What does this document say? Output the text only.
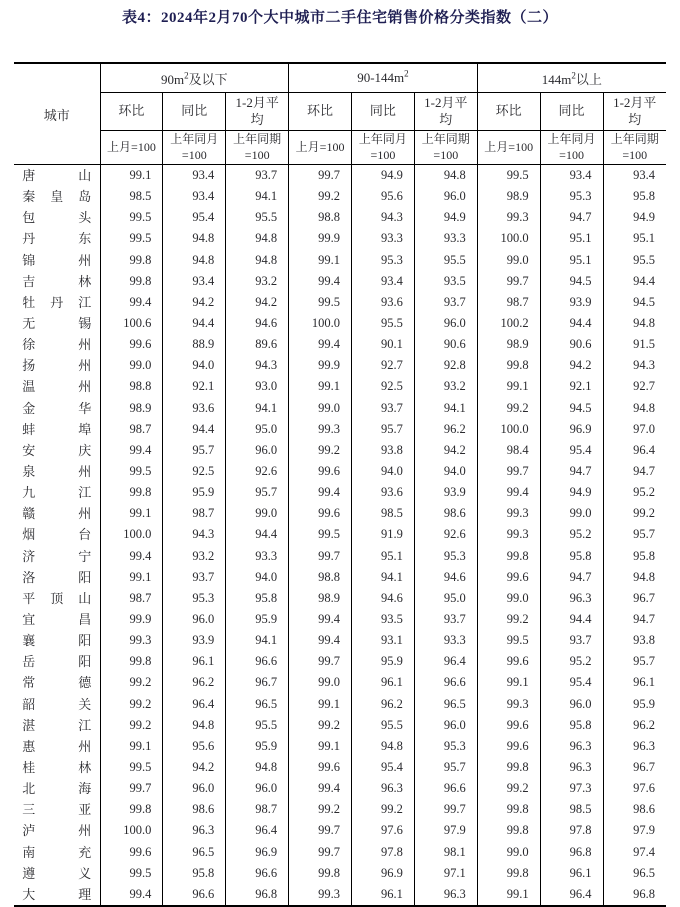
表4：2024年2月70个大中城市二手住宅销售价格分类指数（二）
城市	$90m^2$及以下			$90-144m^2$			$144m^2$以上		
	环比	同比	1-2月平均	环比	同比	1-2月平均	环比	同比	1-2月平均
	上月=100	上年同月=100	上年同期=100	上月=100	上年同月=100	上年同期=100	上月=100	上年同月=100	上年同期=100

唐 山	99.1	93.4	93.7	99.7	94.9	94.8	99.5	93.4	93.4

秦 皇 岛	98.5	93.4	94.1	99.2	95.6	96.0	98.9	95.3	95.8

包 头	99.5	95.4	95.5	98.8	94.3	94.9	99.3	94.7	94.9

丹 东	99.5	94.8	94.8	99.9	93.3	93.3	100.0	95.1	95.1

锦 州	99.8	94.8	94.8	99.1	95.3	95.5	99.0	95.1	95.5

吉 林	99.8	93.4	93.2	99.4	93.4	93.5	99.7	94.5	94.4

牡 丹 江	99.4	94.2	94.2	99.5	93.6	93.7	98.7	93.9	94.5

无 锡	100.6	94.4	94.6	100.0	95.5	96.0	100.2	94.4	94.8

徐 州	99.6	88.9	89.6	99.4	90.1	90.6	98.9	90.6	91.5

扬 州	99.0	94.0	94.3	99.9	92.7	92.8	99.8	94.2	94.3

温 州	98.8	92.1	93.0	99.1	92.5	93.2	99.1	92.1	92.7

金 华	98.9	93.6	94.1	99.0	93.7	94.1	99.2	94.5	94.8

蚌 埠	98.7	94.4	95.0	99.3	95.7	96.2	100.0	96.9	97.0

安 庆	99.4	95.7	96.0	99.2	93.8	94.2	98.4	95.4	96.4

泉 州	99.5	92.5	92.6	99.6	94.0	94.0	99.7	94.7	94.7

九 江	99.8	95.9	95.7	99.4	93.6	93.9	99.4	94.9	95.2

赣 州	99.1	98.7	99.0	99.6	98.5	98.6	99.3	99.0	99.2

烟 台	100.0	94.3	94.4	99.5	91.9	92.6	99.3	95.2	95.7

济 宁	99.4	93.2	93.3	99.7	95.1	95.3	99.8	95.8	95.8

洛 阳	99.1	93.7	94.0	98.8	94.1	94.6	99.6	94.7	94.8

平 顶 山	98.7	95.3	95.8	98.9	94.6	95.0	99.0	96.3	96.7

宜 昌	99.9	96.0	95.9	99.4	93.5	93.7	99.2	94.4	94.7

襄 阳	99.3	93.9	94.1	99.4	93.1	93.3	99.5	93.7	93.8

岳 阳	99.8	96.1	96.6	99.7	95.9	96.4	99.6	95.2	95.7

常 德	99.2	96.2	96.7	99.0	96.1	96.6	99.1	95.4	96.1

韶 关	99.2	96.4	96.5	99.1	96.2	96.5	99.3	96.0	95.9

湛 江	99.2	94.8	95.5	99.2	95.5	96.0	99.6	95.8	96.2

惠 州	99.1	95.6	95.9	99.1	94.8	95.3	99.6	96.3	96.3

桂 林	99.5	94.2	94.8	99.6	95.4	95.7	99.8	96.3	96.7

北 海	99.7	96.0	96.0	99.4	96.3	96.6	99.2	97.3	97.6

三 亚	99.8	98.6	98.7	99.2	99.2	99.7	99.8	98.5	98.6

泸 州	100.0	96.3	96.4	99.7	97.6	97.9	99.8	97.8	97.9

南 充	99.6	96.5	96.9	99.7	97.8	98.1	99.0	96.8	97.4

遵 义	99.5	95.8	96.6	99.8	96.9	97.1	99.8	96.1	96.5

大 理	99.4	96.6	96.8	99.3	96.1	96.3	99.1	96.4	96.8
